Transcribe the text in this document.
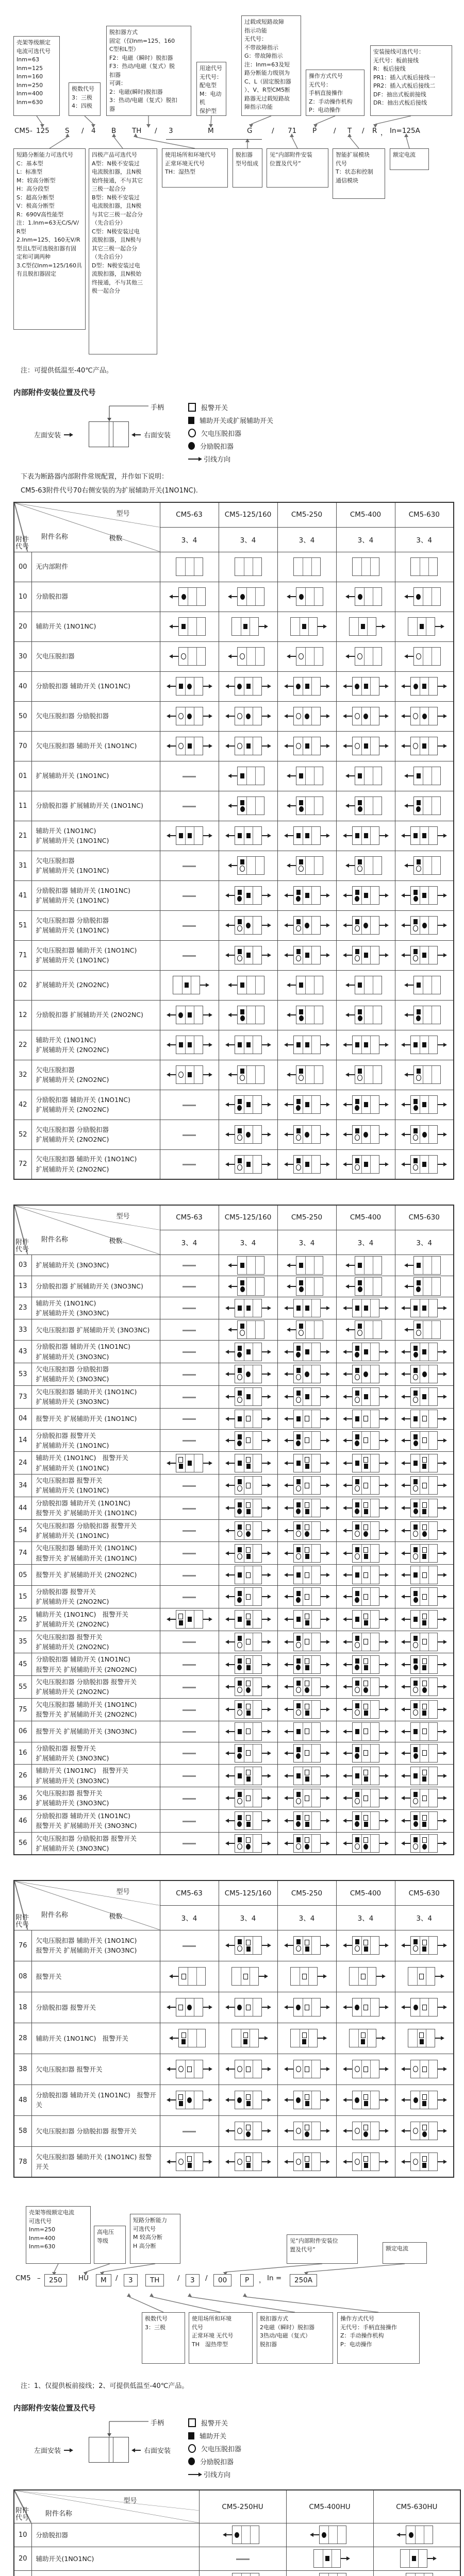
壳架等级额定
电流可选代号
Inm=63
Inm=125
Inm=160
Inm=250
Inm=400
Inm=630
极数代号
3：三极
4：四极
脱扣器方式
固定（仅Inm=125、160
C型和L型）
F2：电磁（瞬时）脱扣器
F3：热动/电磁（复式）脱
扣器
可调：
2：电磁(瞬时)脱扣器
3：热动/电磁（复式）脱扣
器
用途代号
无代号：
配电型
M：电动机
保护型
过载或短路故障
指示功能
无代号：
不带故障指示
G：带故障指示
注：Inm=63及短
路分断能力级别为
C、L（固定脱扣器
）、V、R型CM5断
路器无过载短路故
障指示功能
操作方式代号
无代号：
手柄直接操作
Z：手动操作机构
P：电动操作
安装接线可选代号：
无代号：板前接线
R：板后接线
PR1：插入式板后接线一
PR2：插入式板后接线二
DF：抽出式板前接线
DR：抽出式板后接线
短路分断能力可选代号
C：基本型
L：标准型
M：较高分断型
H：高分段型
S：超高分断型
V：极高分断型
R：690V高性能型
注：1.Inm=63无C/S/V/
R型
2.Inm=125、160无V/R
型且L型可选脱扣器有固
定和可调两种
3.C型仅Inm=125/160具
有且脱扣器固定
四极产品可选代号
A型：N极不安装过
电流脱扣器，且N极
始终接通，不与其它
三极一起合分
B型：N极不安装过
电流脱扣器，且N极
与其它三极一起合分
（先合后分）
C型：N极安装过电
流脱扣器，且N极与
其它三极一起合分
（先合后分）
D型：N极安装过电
流脱扣器，且N极始
终接通，不与其他三
极一起合分
使用场所和环境代号
正常环境无代号
TH：湿热型
脱扣器
型号组成
见“内部附件安装
位置及代号”
智能扩展模块
代号
T：状态和控制
通信模块
额定电流
CM5 - 125 S / 4 B TH / 3	M	G	/ 71 P / T / R ， In=125A

注：可提供低温至-40℃产品。

内部附件安装位置及代号
手柄
左面安装	右面安装
报警开关
辅助开关或扩展辅助开关
欠电压脱扣器
分励脱扣器
引线方向

下表为断路器内部附件常规配置，并作如下说明：

CM5-63附件代号70右侧安装的为扩展辅助开关(1NO1NC).

型号
极数
附件名称
附件
代号		CM5-63	CM5-125/160	CM5-250	CM5-400	CM5-630
		3、4	3、4	3、4	3、4	3、4
00	无内部附件	

10	分励脱扣器	

20	辅助开关 (1NO1NC)	

30	欠电压脱扣器	

40	分励脱扣器 辅助开关 (1NO1NC)	

50	欠电压脱扣器 分励脱扣器	

70	欠电压脱扣器 辅助开关 (1NO1NC)	

01	扩展辅助开关 (1NO1NC)		

11	分励脱扣器 扩展辅助开关 (1NO1NC)		

21	辅助开关 (1NO1NC)
扩展辅助开关 (1NO1NC)	

31	欠电压脱扣器
扩展辅助开关 (1NO1NC)		

41	分励脱扣器 辅助开关 (1NO1NC)
扩展辅助开关 (1NO1NC)		

51	欠电压脱扣器 分励脱扣器
扩展辅助开关 (1NO1NC)		

71	欠电压脱扣器 辅助开关 (1NO1NC)
扩展辅助开关 (1NO1NC)		

02	扩展辅助开关 (2NO2NC)	

12	分励脱扣器 扩展辅助开关 (2NO2NC)	

22	辅助开关 (1NO1NC)
扩展辅助开关 (2NO2NC)	

32	欠电压脱扣器
扩展辅助开关 (2NO2NC)	

42	分励脱扣器 辅助开关 (1NO1NC)
扩展辅助开关 (2NO2NC)		

52	欠电压脱扣器 分励脱扣器
扩展辅助开关 (2NO2NC)		

72	欠电压脱扣器 辅助开关 (1NO1NC)
扩展辅助开关 (2NO2NC)		

型号
极数
附件名称
附件
代号		CM5-63	CM5-125/160	CM5-250	CM5-400	CM5-630
		3、4	3、4	3、4	3、4	3、4
03	扩展辅助开关 (3NO3NC)		

13	分励脱扣器 扩展辅助开关 (3NO3NC)		

23	辅助开关 (1NO1NC)
扩展辅助开关 (3NO3NC)		

33	欠电压脱扣器 扩展辅助开关 (3NO3NC)		

43	分励脱扣器 辅助开关 (1NO1NC)
扩展辅助开关 (3NO3NC)		

53	欠电压脱扣器 分励脱扣器
扩展辅助开关 (3NO3NC)		

73	欠电压脱扣器 辅助开关 (1NO1NC)
扩展辅助开关 (3NO3NC)		

04	报警开关 扩展辅助开关 (1NO1NC)		

14	分励脱扣器 报警开关
扩展辅助开关 (1NO1NC)		

24	辅助开关 (1NO1NC)　报警开关
扩展辅助开关 (1NO1NC)	

34	欠电压脱扣器 报警开关
扩展辅助开关 (1NO1NC)		

44	分励脱扣器 辅助开关 (1NO1NC)
报警开关 扩展辅助开关 (1NO1NC)		

54	欠电压脱扣器 分励脱扣器 报警开关
扩展辅助开关 (1NO1NC)		

74	欠电压脱扣器 辅助开关 (1NO1NC)
报警开关 扩展辅助开关 (1NO1NC)		

05	报警开关 扩展辅助开关 (2NO2NC)		

15	分励脱扣器 报警开关
扩展辅助开关 (2NO2NC)		

25	辅助开关 (1NO1NC)　报警开关
扩展辅助开关 (2NO2NC)	

35	欠电压脱扣器 报警开关
扩展辅助开关 (2NO2NC)		

45	分励脱扣器 辅助开关 (1NO1NC)
报警开关 扩展辅助开关 (2NO2NC)		

55	欠电压脱扣器 分励脱扣器 报警开关
扩展辅助开关 (2NO2NC)		

75	欠电压脱扣器 辅助开关 (1NO1NC)
报警开关 扩展辅助开关 (2NO2NC)		

06	报警开关 扩展辅助开关 (3NO3NC)		

16	分励脱扣器 报警开关
扩展辅助开关 (3NO3NC)		

26	辅助开关 (1NO1NC)　报警开关
扩展辅助开关 (3NO3NC)		

36	欠电压脱扣器 报警开关
扩展辅助开关 (3NO3NC)		

46	分励脱扣器 辅助开关 (1NO1NC)
报警开关 扩展辅助开关 (3NO3NC)		

56	欠电压脱扣器 分励脱扣器 报警开关
扩展辅助开关 (3NO3NC)		

型号
极数
附件名称
附件
代号		CM5-63	CM5-125/160	CM5-250	CM5-400	CM5-630
		3、4	3、4	3、4	3、4	3、4
76	欠电压脱扣器 辅助开关 (1NO1NC)
报警开关 扩展辅助开关 (3NO3NC)		

08	报警开关	

18	分励脱扣器 报警开关	

28	辅助开关 (1NO1NC)　报警开关	

38	欠电压脱扣器 报警开关	

48	分励脱扣器 辅助开关 (1NO1NC)　报警开关	

58	欠电压脱扣器 分励脱扣器 报警开关		

78	欠电压脱扣器 辅助开关 (1NO1NC) 报警开关	

壳架等级额定电流
可选代号
Inm=250
Inm=400
Inm=630
高电压
等级
短路分断能力
可选代号
M 较高分断
H 高分断
见“内部附件安装位
置及代号”	额定电流
极数代号
3：三极
使用场所和环境
代号
正常环境 无代号
TH　湿热带型
脱扣器方式
2电磁（瞬时）脱扣器
3热动/电磁（复式）
脱扣器
操作方式代号
无代号：手柄直接操作
Z：手动操作机构
P：电动操作
CM5 –	250	HU	M	/	3	TH	/	3	/	00	P	， In =	250A

注：1、仅提供板前接线；2、可提供低温至-40℃产品。

内部附件安装位置及代号
手柄
左面安装	右面安装
报警开关
辅助开关
欠电压脱扣器
分励脱扣器
引线方向
型号
附件名称
附件
代号		CM5-250HU	CM5-400HU	CM5-630HU
10	分励脱扣器	

20	辅助开关(1NO1NC)		
